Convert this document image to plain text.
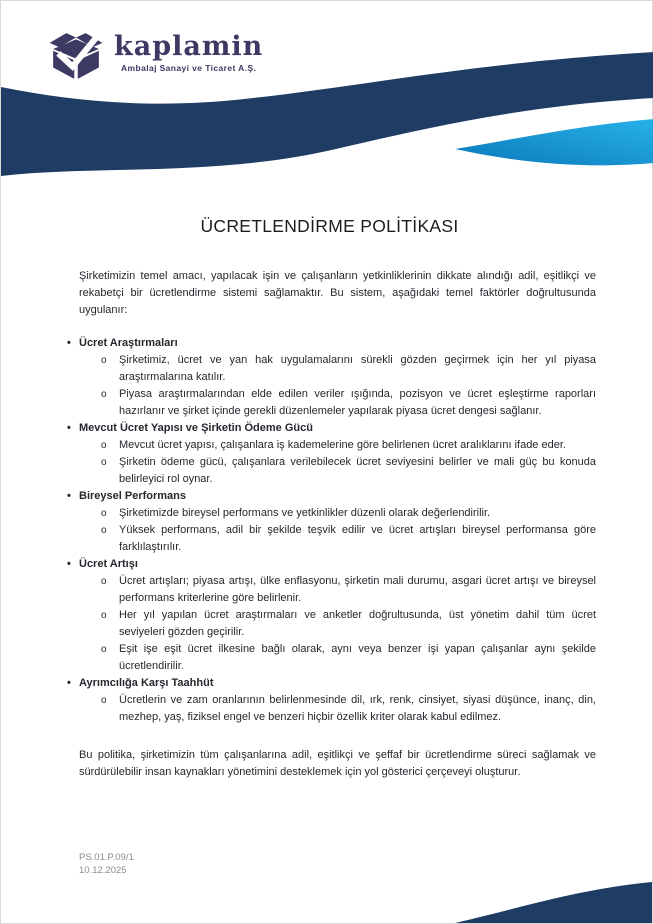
kaplamin
Ambalaj Sanayi ve Ticaret A.Ş.
ÜCRETLENDİRME POLİTİKASI

Şirketimizin temel amacı, yapılacak işin ve çalışanların yetkinliklerinin dikkate alındığı adil, eşitlikçi ve rekabetçi bir ücretlendirme sistemi sağlamaktır. Bu sistem, aşağıdaki temel faktörler doğrultusunda uygulanır:

• Ücret Araştırmaları
o	Şirketimiz, ücret ve yan hak uygulamalarını sürekli gözden geçirmek için her yıl piyasa araştırmalarına katılır.
o	Piyasa araştırmalarından elde edilen veriler ışığında, pozisyon ve ücret eşleştirme raporları hazırlanır ve şirket içinde gerekli düzenlemeler yapılarak piyasa ücret dengesi sağlanır.
• Mevcut Ücret Yapısı ve Şirketin Ödeme Gücü
o	Mevcut ücret yapısı, çalışanlara iş kademelerine göre belirlenen ücret aralıklarını ifade eder.
o	Şirketin ödeme gücü, çalışanlara verilebilecek ücret seviyesini belirler ve mali güç bu konuda belirleyici rol oynar.
• Bireysel Performans
o	Şirketimizde bireysel performans ve yetkinlikler düzenli olarak değerlendirilir.
o	Yüksek performans, adil bir şekilde teşvik edilir ve ücret artışları bireysel performansa göre farklılaştırılır.
• Ücret Artışı
o	Ücret artışları; piyasa artışı, ülke enflasyonu, şirketin mali durumu, asgari ücret artışı ve bireysel performans kriterlerine göre belirlenir.
o	Her yıl yapılan ücret araştırmaları ve anketler doğrultusunda, üst yönetim dahil tüm ücret seviyeleri gözden geçirilir.
o	Eşit işe eşit ücret ilkesine bağlı olarak, aynı veya benzer işi yapan çalışanlar aynı şekilde ücretlendirilir.
• Ayrımcılığa Karşı Taahhüt
o	Ücretlerin ve zam oranlarının belirlenmesinde dil, ırk, renk, cinsiyet, siyasi düşünce, inanç, din, mezhep, yaş, fiziksel engel ve benzeri hiçbir özellik kriter olarak kabul edilmez.

Bu politika, şirketimizin tüm çalışanlarına adil, eşitlikçi ve şeffaf bir ücretlendirme süreci sağlamak ve sürdürülebilir insan kaynakları yönetimini desteklemek için yol gösterici çerçeveyi oluşturur.

PS.01.P.09/1
10.12.2025
